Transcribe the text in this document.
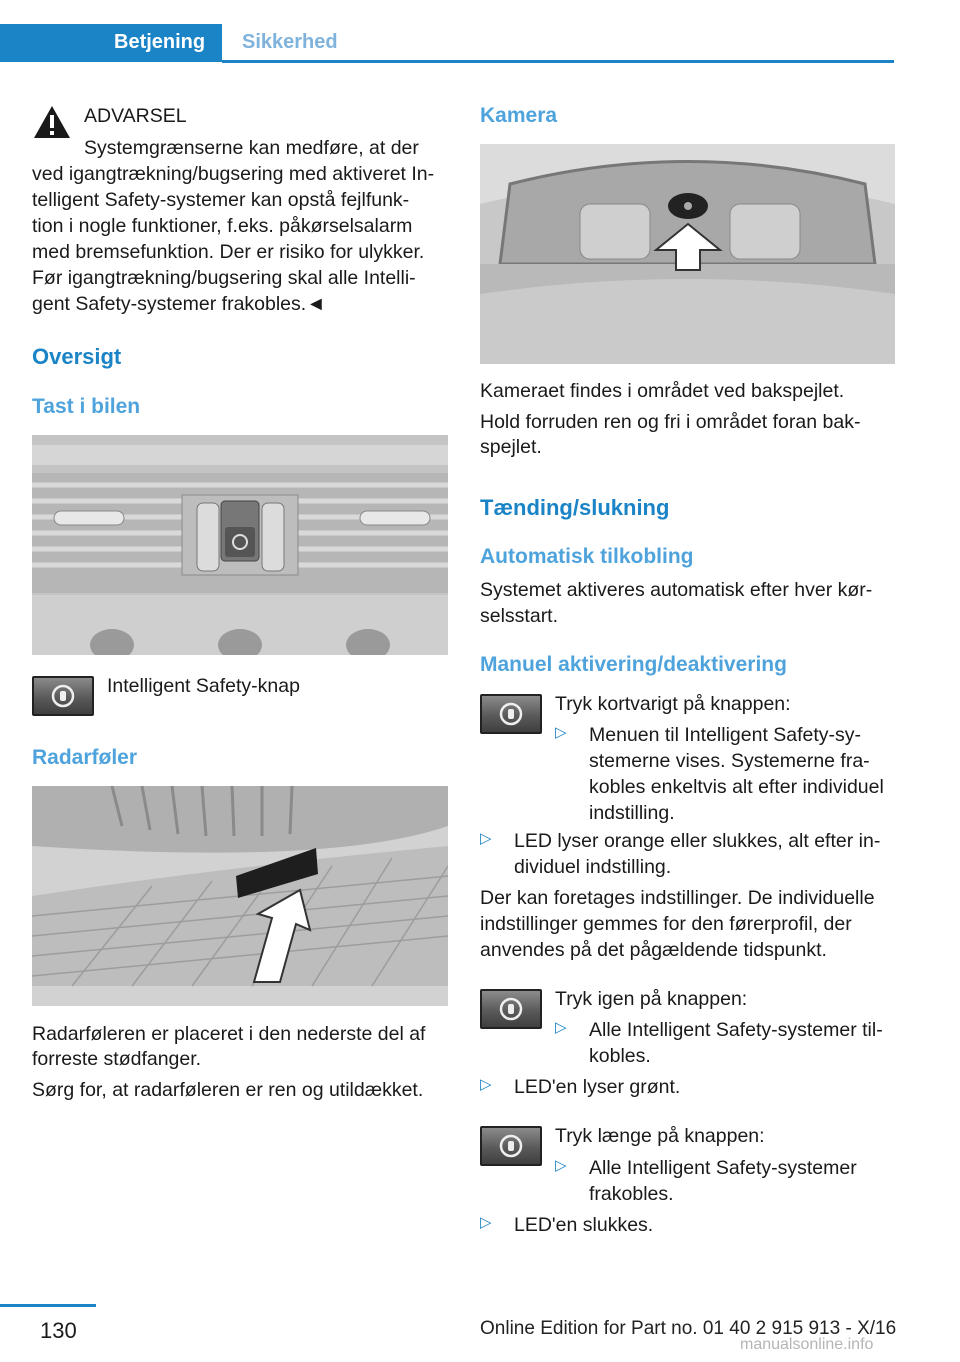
Betjening	Sikkerhed

ADVARSEL

Systemgrænserne kan medføre, at der

ved igangtrækning/bugsering med aktiveret In-

telligent Safety-systemer kan opstå fejlfunk-

tion i nogle funktioner, f.eks. påkørselsalarm

med bremsefunktion. Der er risiko for ulykker.

Før igangtrækning/bugsering skal alle Intelli-

gent Safety-systemer frakobles.◄

Oversigt
Tast i bilen

Intelligent Safety-knap

Radarføler

Radarføleren er placeret i den nederste del af

forreste stødfanger.

Sørg for, at radarføleren er ren og utildækket.

Kamera

Kameraet findes i området ved bakspejlet.

Hold forruden ren og fri i området foran bak-

spejlet.

Tænding/slukning
Automatisk tilkobling

Systemet aktiveres automatisk efter hver kør-

selsstart.

Manuel aktivering/deaktivering

Tryk kortvarigt på knappen:

▷	Menuen til Intelligent Safety-sy-

stemerne vises. Systemerne fra-

kobles enkeltvis alt efter individuel

indstilling.

▷	LED lyser orange eller slukkes, alt efter in-

dividuel indstilling.

Der kan foretages indstillinger. De individuelle

indstillinger gemmes for den førerprofil, der

anvendes på det pågældende tidspunkt.

Tryk igen på knappen:

▷	Alle Intelligent Safety-systemer til-

kobles.

▷	LED'en lyser grønt.

Tryk længe på knappen:

▷	Alle Intelligent Safety-systemer

frakobles.

▷	LED'en slukkes.

130	Online Edition for Part no. 01 40 2 915 913 - X/16
manualsonline.info
